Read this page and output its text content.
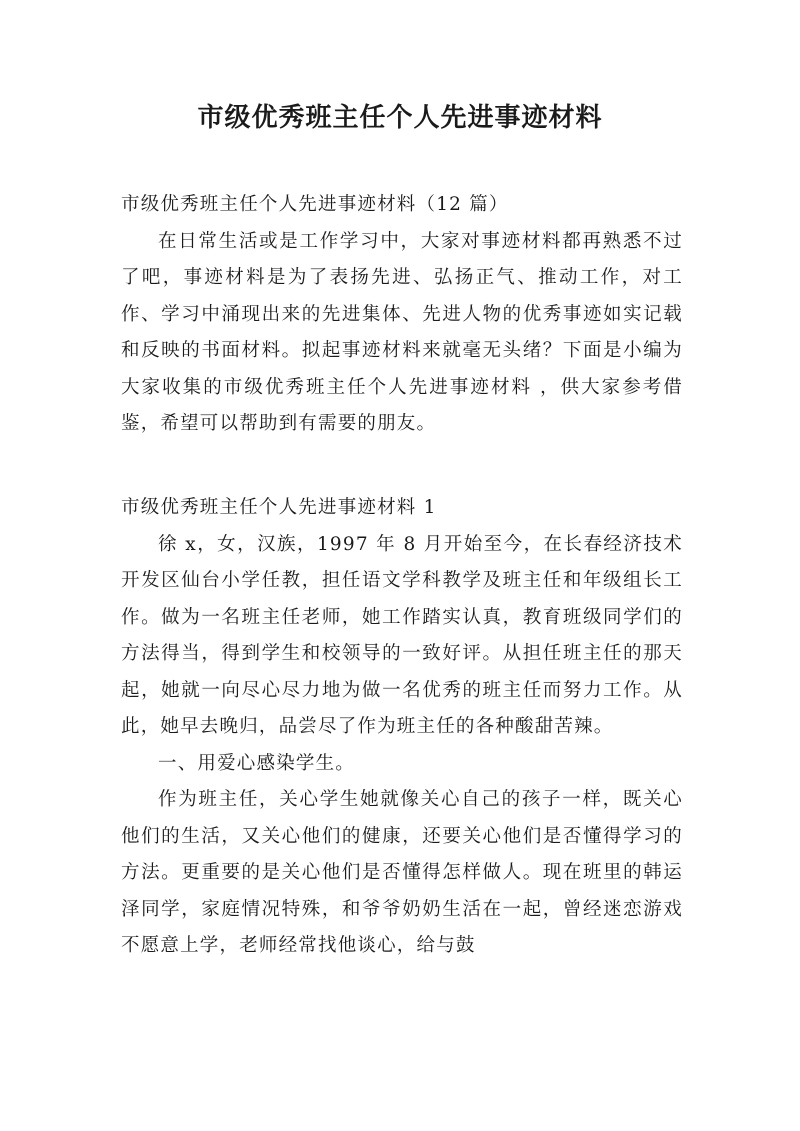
市级优秀班主任个人先进事迹材料
市级优秀班主任个人先进事迹材料（12 篇）
在日常生活或是工作学习中，大家对事迹材料都再熟悉不过了吧，事迹材料是为了表扬先进、弘扬正气、推动工作，对工作、学习中涌现出来的先进集体、先进人物的优秀事迹如实记载和反映的书面材料。拟起事迹材料来就毫无头绪？下面是小编为大家收集的市级优秀班主任个人先进事迹材料 ，供大家参考借鉴，希望可以帮助到有需要的朋友。
市级优秀班主任个人先进事迹材料 1
徐 x，女，汉族，1997 年 8 月开始至今，在长春经济技术开发区仙台小学任教，担任语文学科教学及班主任和年级组长工作。做为一名班主任老师，她工作踏实认真，教育班级同学们的方法得当，得到学生和校领导的一致好评。从担任班主任的那天起，她就一向尽心尽力地为做一名优秀的班主任而努力工作。从此，她早去晚归，品尝尽了作为班主任的各种酸甜苦辣。
一、用爱心感染学生。
作为班主任，关心学生她就像关心自己的孩子一样，既关心他们的生活，又关心他们的健康，还要关心他们是否懂得学习的方法。更重要的是关心他们是否懂得怎样做人。现在班里的韩运泽同学，家庭情况特殊，和爷爷奶奶生活在一起，曾经迷恋游戏不愿意上学，老师经常找他谈心，给与鼓
